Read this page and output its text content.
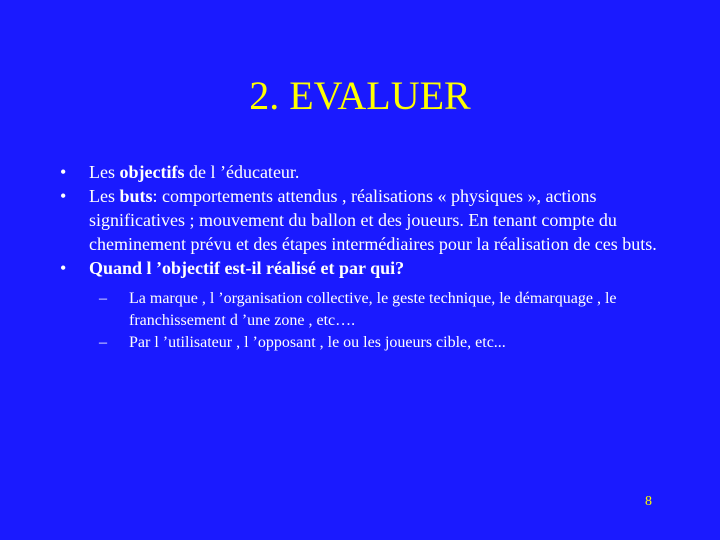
2. EVALUER
•	Les objectifs de l ’éducateur.
•	Les buts: comportements attendus , réalisations « physiques », actions significatives ; mouvement du ballon et des joueurs. En tenant compte du cheminement prévu et des étapes intermédiaires pour la réalisation de ces buts.
•	Quand l ’objectif est-il réalisé et par qui?
– La marque , l ’organisation collective, le geste technique, le démarquage , le franchissement d ’une zone , etc….
– Par l ’utilisateur , l ’opposant , le ou les joueurs cible, etc...
8
